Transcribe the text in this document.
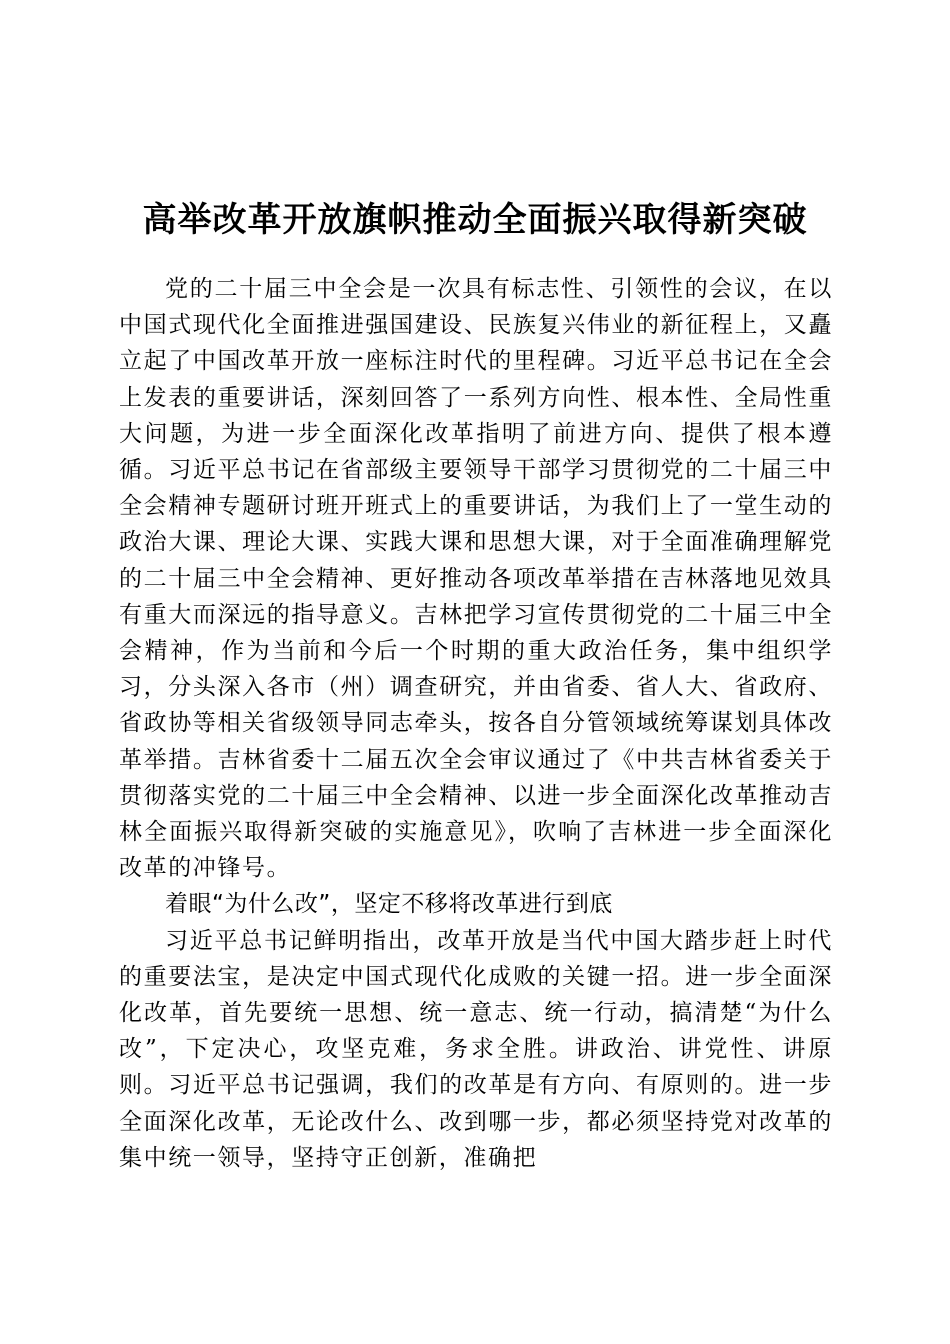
高举改革开放旗帜推动全面振兴取得新突破

党的二十届三中全会是一次具有标志性、引领性的会议，在以中国式现代化全面推进强国建设、民族复兴伟业的新征程上，又矗立起了中国改革开放一座标注时代的里程碑。习近平总书记在全会上发表的重要讲话，深刻回答了一系列方向性、根本性、全局性重大问题，为进一步全面深化改革指明了前进方向、提供了根本遵循。习近平总书记在省部级主要领导干部学习贯彻党的二十届三中全会精神专题研讨班开班式上的重要讲话，为我们上了一堂生动的政治大课、理论大课、实践大课和思想大课，对于全面准确理解党的二十届三中全会精神、更好推动各项改革举措在吉林落地见效具有重大而深远的指导意义。吉林把学习宣传贯彻党的二十届三中全会精神，作为当前和今后一个时期的重大政治任务，集中组织学习，分头深入各市（州）调查研究，并由省委、省人大、省政府、省政协等相关省级领导同志牵头，按各自分管领域统筹谋划具体改革举措。吉林省委十二届五次全会审议通过了《中共吉林省委关于贯彻落实党的二十届三中全会精神、以进一步全面深化改革推动吉林全面振兴取得新突破的实施意见》，吹响了吉林进一步全面深化改革的冲锋号。

着眼“为什么改”，坚定不移将改革进行到底

习近平总书记鲜明指出，改革开放是当代中国大踏步赶上时代的重要法宝，是决定中国式现代化成败的关键一招。进一步全面深化改革，首先要统一思想、统一意志、统一行动，搞清楚“为什么改”，下定决心，攻坚克难，务求全胜。讲政治、讲党性、讲原则。习近平总书记强调，我们的改革是有方向、有原则的。进一步全面深化改革，无论改什么、改到哪一步，都必须坚持党对改革的集中统一领导，坚持守正创新，准确把
